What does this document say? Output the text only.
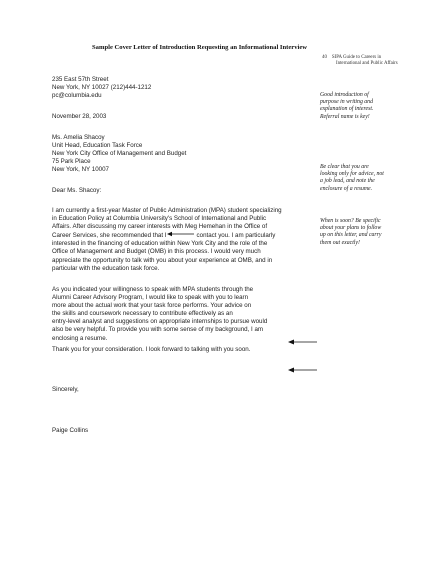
Sample Cover Letter of Introduction Requesting an Informational Interview
40 SIPA Guide to Careers in
International and Public Affairs
235 East 57th Street
New York, NY 10027 (212)444-1212
pc@columbia.edu
November 28, 2003
Ms. Amelia Shacoy
Unit Head, Education Task Force
New York City Office of Management and Budget
75 Park Place
New York, NY 10007
Dear Ms. Shacoy:
I am currently a first-year Master of Public Administration (MPA) student specializing
in Education Policy at Columbia University's School of International and Public
Affairs. After discussing my career interests with Meg Hemehan in the Office of
Career Services, she recommended that I	contact you. I am particularly
interested in the financing of education within New York City and the role of the
Office of Management and Budget (OMB) in this process. I would very much
appreciate the opportunity to talk with you about your experience at OMB, and in
particular with the education task force.
As you indicated your willingness to speak with MPA students through the
Alumni Career Advisory Program, I would like to speak with you to learn
more about the actual work that your task force performs. Your advice on
the skills and coursework necessary to contribute effectively as an
entry-level analyst and suggestions on appropriate internships to pursue would
also be very helpful. To provide you with some sense of my background, I am
enclosing a resume.
Thank you for your consideration. I look forward to talking with you soon.
Sincerely,
Paige Collins
Good introduction of
purpose in writing and
explanation of interest.
Referral name is key!
Be clear that you are
looking only for advice, not
a job lead, and note the
enclosure of a resume.
When is soon? Be specific
about your plans to follow
up on this letter, and carry
them out exactly!
